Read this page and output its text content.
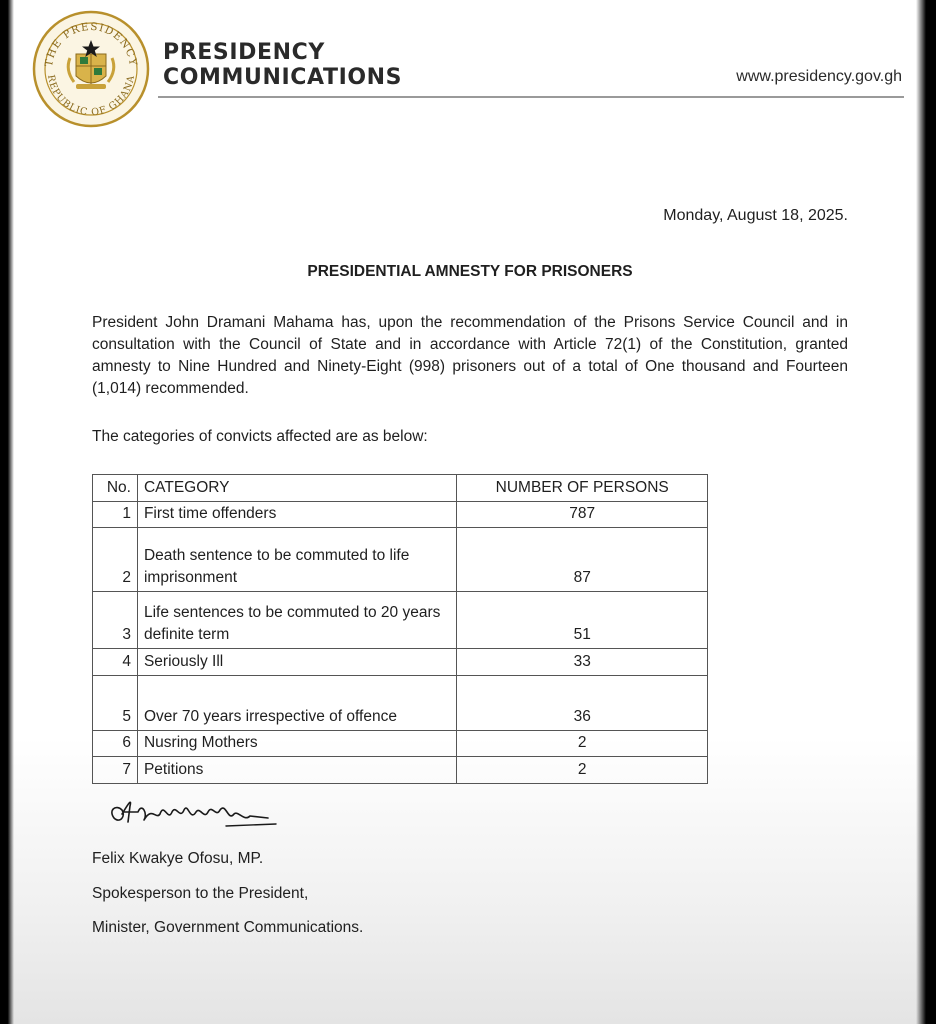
THE PRESIDENCY
REPUBLIC OF GHANA
PRESIDENCY
COMMUNICATIONS	www.presidency.gov.gh
Monday, August 18, 2025.
PRESIDENTIAL AMNESTY FOR PRISONERS
President John Dramani Mahama has, upon the recommendation of the Prisons Service Council and in consultation with the Council of State and in accordance with Article 72(1) of the Constitution, granted amnesty to Nine Hundred and Ninety-Eight (998) prisoners out of a total of One thousand and Fourteen (1,014) recommended.
The categories of convicts affected are as below:
No.	CATEGORY	NUMBER OF PERSONS
1	First time offenders	787
2	Death sentence to be commuted to life imprisonment	87
3	Life sentences to be commuted to 20 years definite term	51
4	Seriously Ill	33
5	Over 70 years irrespective of offence	36
6	Nusring Mothers	2
7	Petitions	2
Felix Kwakye Ofosu, MP.
Spokesperson to the President,
Minister, Government Communications.
